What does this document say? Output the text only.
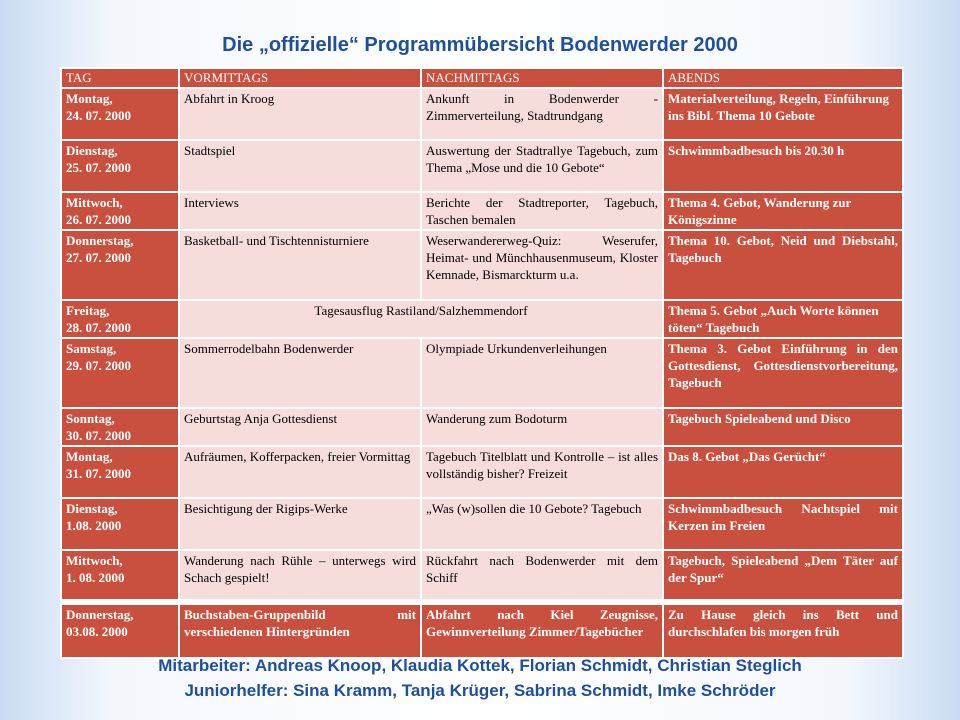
Die „offizielle“ Programmübersicht Bodenwerder 2000
TAG	VORMITTAGS	NACHMITTAGS	ABENDS
Montag,
24. 07. 2000	Abfahrt in Kroog	Ankunft in Bodenwerder - Zimmerverteilung, Stadtrundgang	Materialverteilung, Regeln, Einführung ins Bibl. Thema 10 Gebote
Dienstag,
25. 07. 2000	Stadtspiel	Auswertung der Stadtrallye Tagebuch, zum Thema „Mose und die 10 Gebote“	Schwimmbadbesuch bis 20.30 h
Mittwoch,
26. 07. 2000	Interviews	Berichte der Stadtreporter, Tagebuch, Taschen bemalen	Thema 4. Gebot, Wanderung zur Königszinne
Donnerstag,
27. 07. 2000	Basketball- und Tischtennisturniere	Weserwandererweg-Quiz: Weserufer, Heimat- und Münchhausenmuseum, Kloster Kemnade, Bismarckturm u.a.	Thema 10. Gebot, Neid und Diebstahl, Tagebuch
Freitag,
28. 07. 2000	Tagesausflug Rastiland/Salzhemmendorf		Thema 5. Gebot „Auch Worte können töten“ Tagebuch
Samstag,
29. 07. 2000	Sommerrodelbahn Bodenwerder	Olympiade Urkundenverleihungen	Thema 3. Gebot Einführung in den Gottesdienst, Gottesdienstvorbereitung, Tagebuch
Sonntag,
30. 07. 2000	Geburtstag Anja Gottesdienst	Wanderung zum Bodoturm	Tagebuch Spieleabend und Disco
Montag,
31. 07. 2000	Aufräumen, Kofferpacken, freier Vormittag	Tagebuch Titelblatt und Kontrolle – ist alles vollständig bisher? Freizeit	Das 8. Gebot „Das Gerücht“
Dienstag,
1.08. 2000	Besichtigung der Rigips-Werke	„Was (w)sollen die 10 Gebote? Tagebuch	Schwimmbadbesuch Nachtspiel mit Kerzen im Freien
Mittwoch,
1. 08. 2000	Wanderung nach Rühle – unterwegs wird Schach gespielt!	Rückfahrt nach Bodenwerder mit dem Schiff	Tagebuch, Spieleabend „Dem Täter auf der Spur“
Donnerstag,
03.08. 2000	Buchstaben-Gruppenbild mit verschiedenen Hintergründen	Abfahrt nach Kiel Zeugnisse, Gewinnverteilung Zimmer/Tagebücher	Zu Hause gleich ins Bett und durchschlafen bis morgen früh
Mitarbeiter: Andreas Knoop, Klaudia Kottek, Florian Schmidt, Christian Steglich
Juniorhelfer: Sina Kramm, Tanja Krüger, Sabrina Schmidt, Imke Schröder
